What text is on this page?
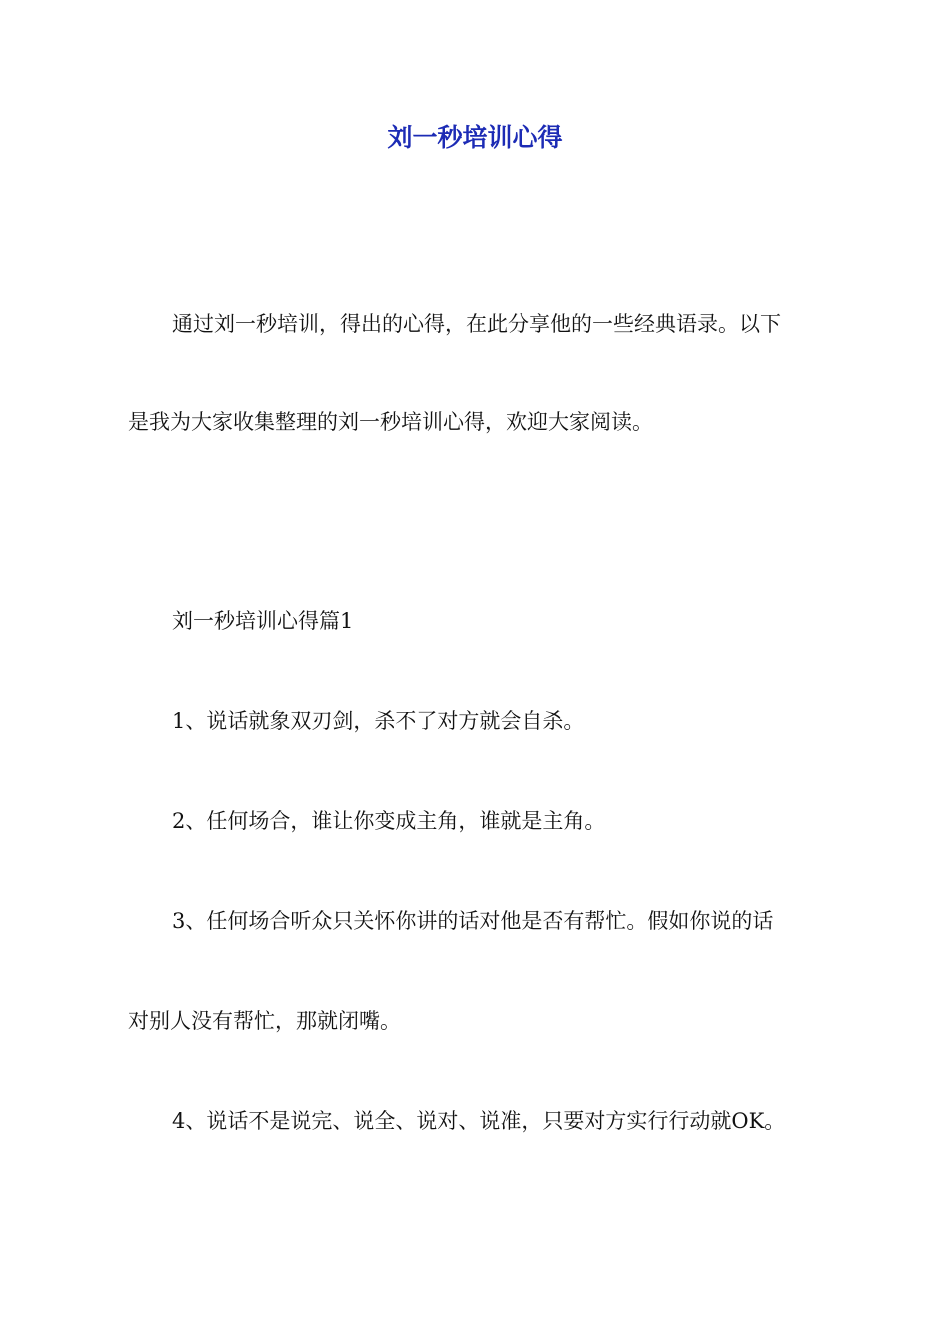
刘一秒培训心得

通过刘一秒培训，得出的心得，在此分享他的一些经典语录。以下

是我为大家收集整理的刘一秒培训心得，欢迎大家阅读。

刘一秒培训心得篇1

1、说话就象双刃剑，杀不了对方就会自杀。

2、任何场合，谁让你变成主角，谁就是主角。

3、任何场合听众只关怀你讲的话对他是否有帮忙。假如你说的话

对别人没有帮忙，那就闭嘴。

4、说话不是说完、说全、说对、说准，只要对方实行行动就OK。
